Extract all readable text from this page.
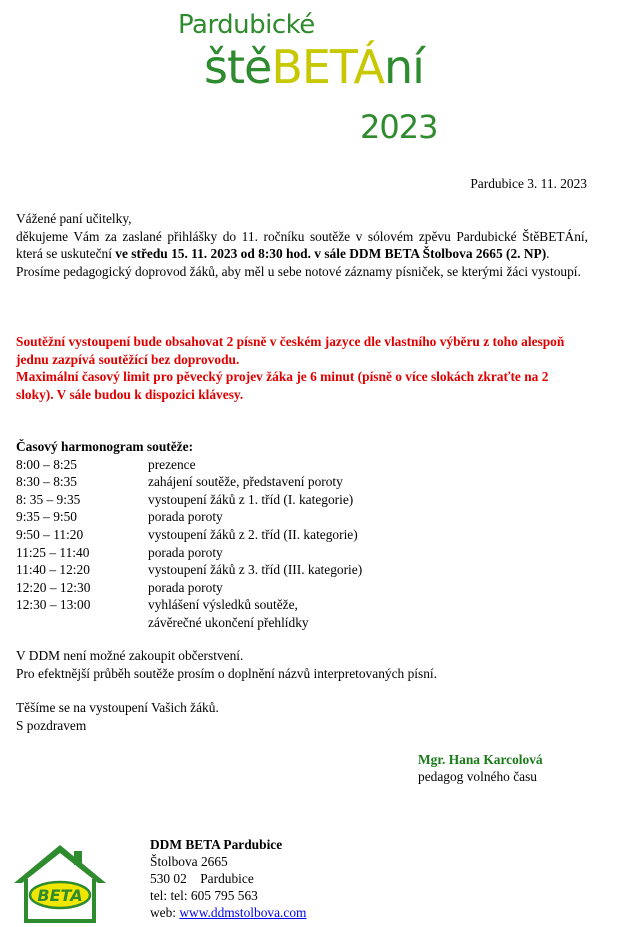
Pardubické
štěBETÁní
2023
Pardubice 3. 11. 2023
Vážené paní učitelky,
děkujeme Vám za zaslané přihlášky do 11. ročníku soutěže v sólovém zpěvu Pardubické ŠtěBETÁní, která se uskuteční ve středu 15. 11. 2023 od 8:30 hod. v sále DDM BETA Štolbova 2665 (2. NP).
Prosíme pedagogický doprovod žáků, aby měl u sebe notové záznamy písniček, se kterými žáci vystoupí.
Soutěžní vystoupení bude obsahovat 2 písně v českém jazyce dle vlastního výběru z toho alespoň jednu zazpívá soutěžící bez doprovodu.
Maximální časový limit pro pěvecký projev žáka je 6 minut (písně o více slokách zkraťte na 2 sloky). V sále budou k dispozici klávesy.
Časový harmonogram soutěže:
8:00 – 8:25	prezence
8:30 – 8:35	zahájení soutěže, představení poroty
8: 35 – 9:35	vystoupení žáků z 1. tříd (I. kategorie)
9:35 – 9:50	porada poroty
9:50 – 11:20	vystoupení žáků z 2. tříd (II. kategorie)
11:25 – 11:40	porada poroty
11:40 – 12:20	vystoupení žáků z 3. tříd (III. kategorie)
12:20 – 12:30	porada poroty
12:30 – 13:00	vyhlášení výsledků soutěže,
závěrečné ukončení přehlídky
V DDM není možné zakoupit občerstvení.
Pro efektnější průběh soutěže prosím o doplnění názvů interpretovaných písní.
Těšíme se na vystoupení Vašich žáků.
S pozdravem
Mgr. Hana Karcolová
pedagog volného času
BETA
DDM BETA Pardubice
Štolbova 2665
530 02    Pardubice
tel: tel: 605 795 563
web: www.ddmstolbova.com
